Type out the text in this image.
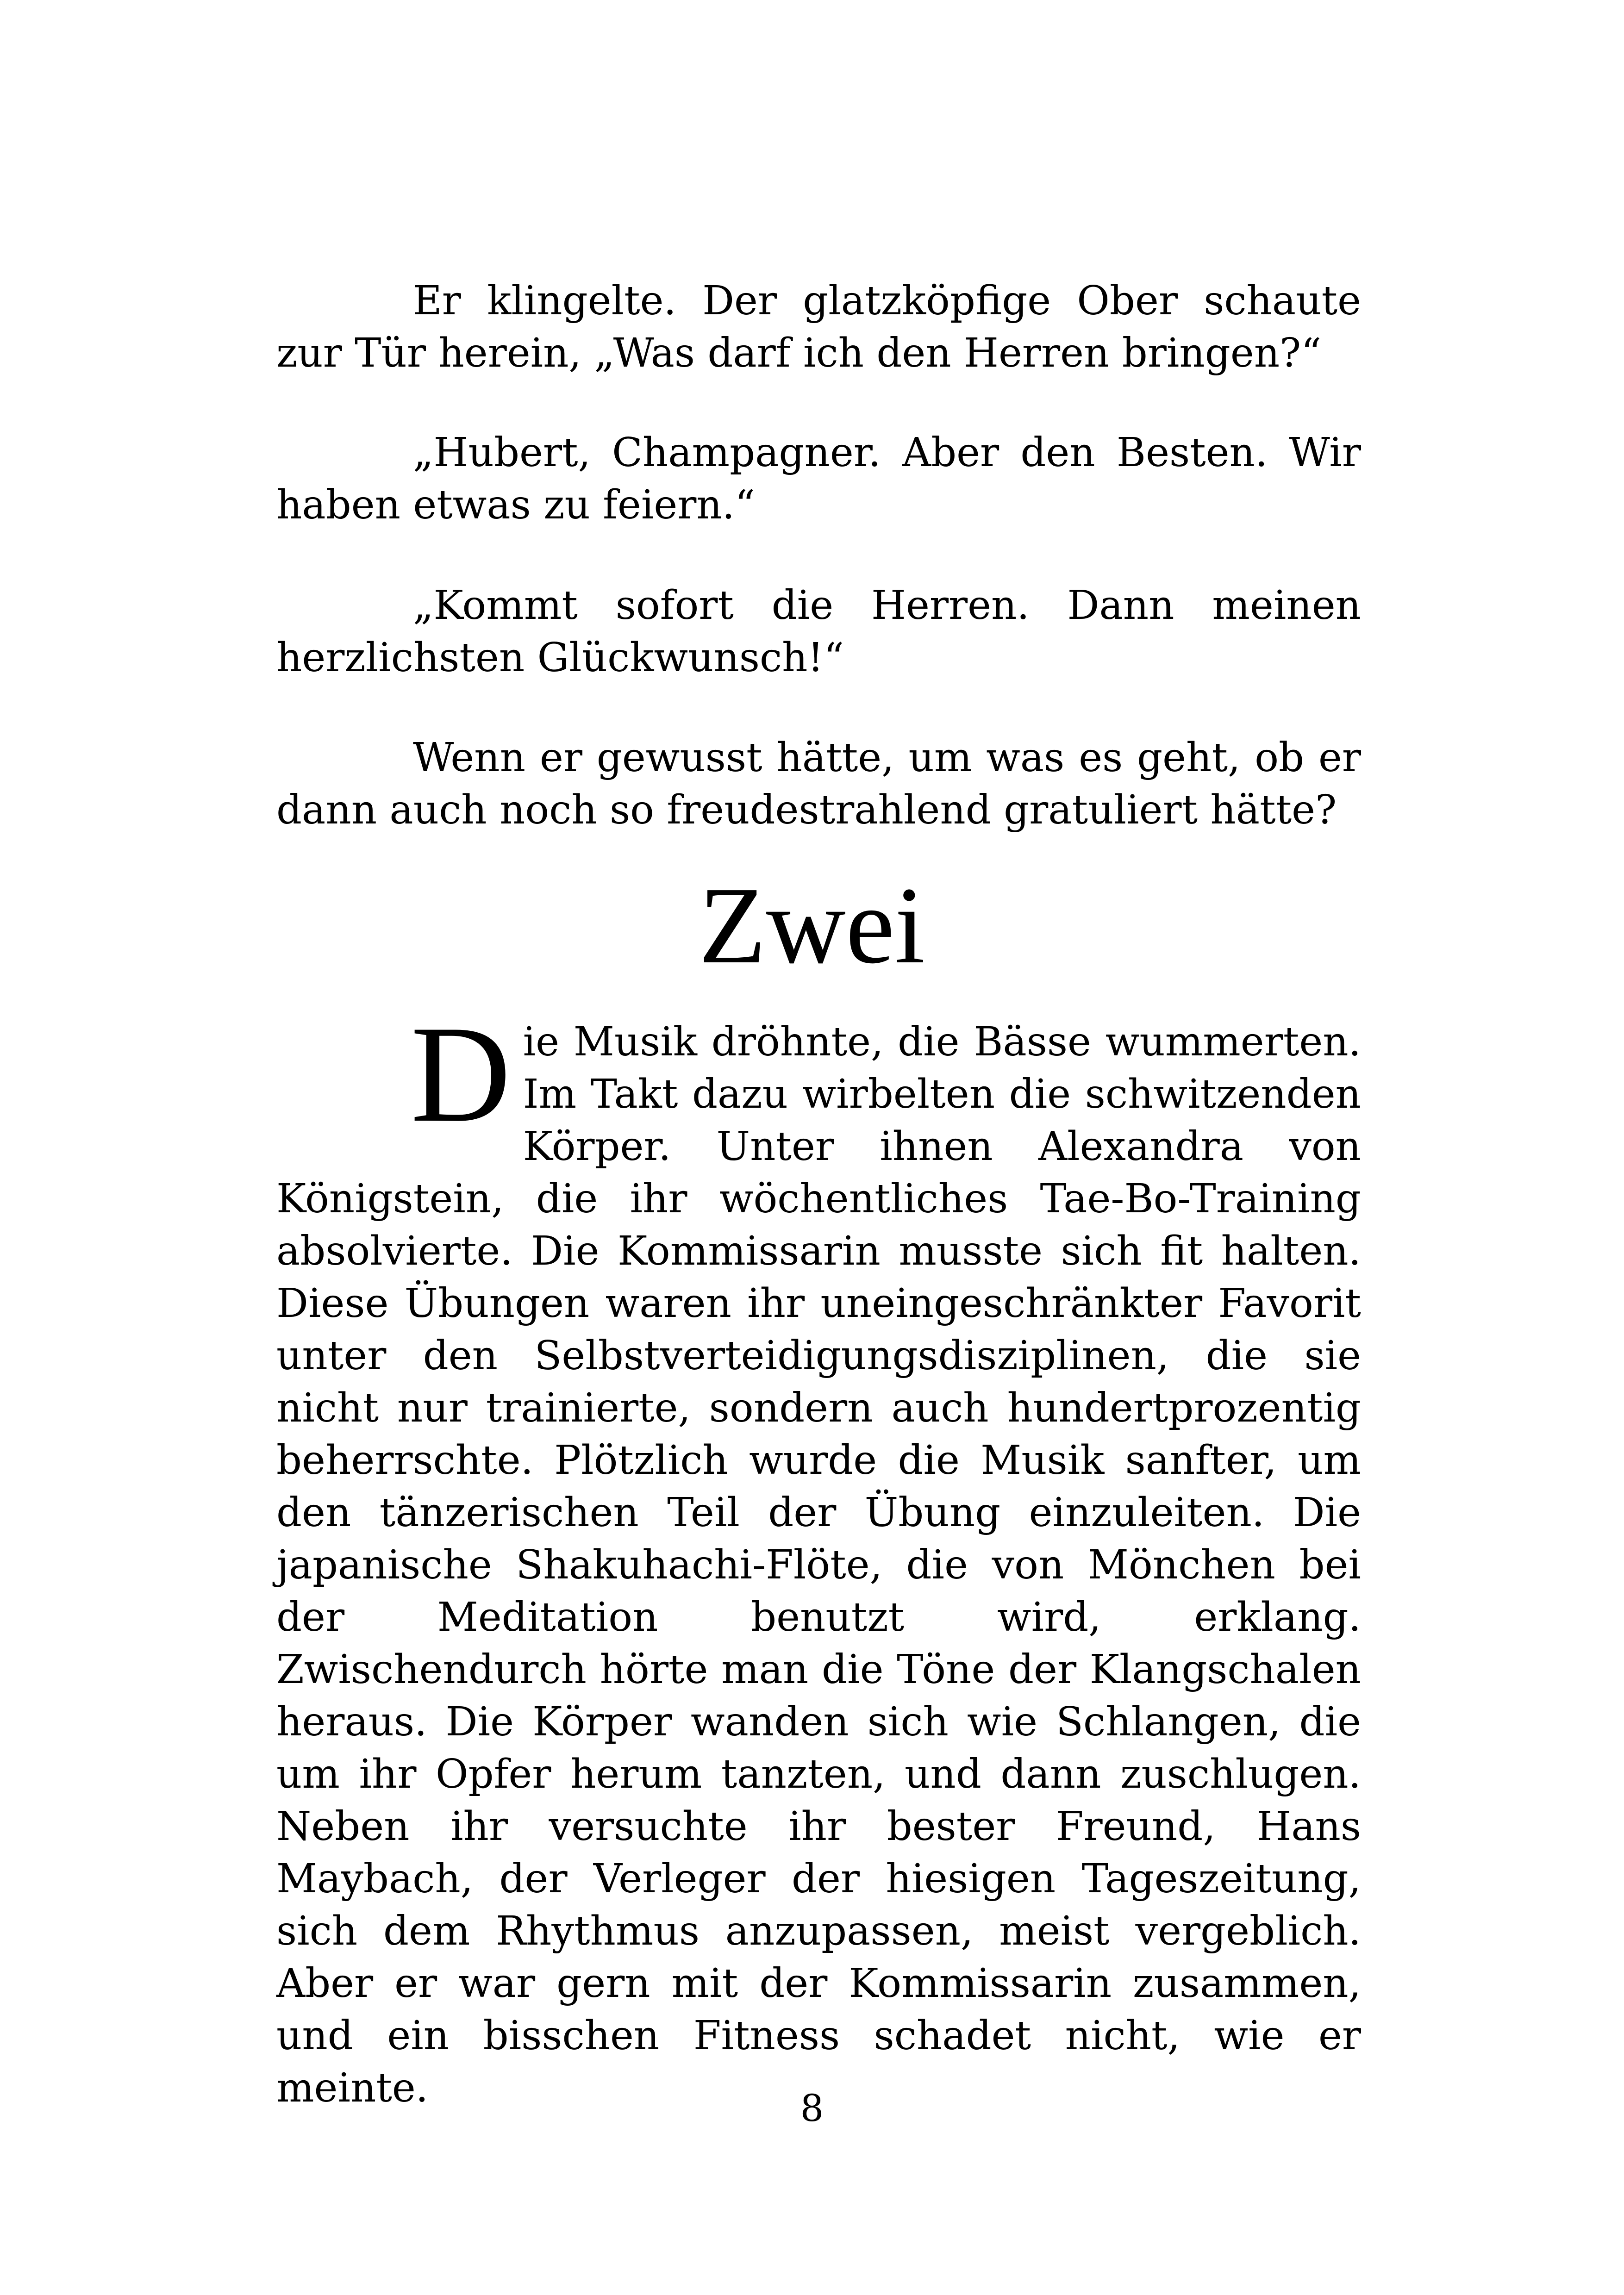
Er klingelte. Der glatzköpfige Ober schaute zur Tür herein, „Was darf ich den Herren bringen?“

„Hubert, Champagner. Aber den Besten. Wir haben etwas zu feiern.“

„Kommt sofort die Herren. Dann meinen herzlichsten Glückwunsch!“

Wenn er gewusst hätte, um was es geht, ob er dann auch noch so freudestrahlend gratuliert hätte?

Zwei

Die Musik dröhnte, die Bässe wummerten. Im Takt dazu wirbelten die schwitzenden Körper. Unter ihnen Alexandra von Königstein, die ihr wöchentliches Tae-Bo-Training absolvierte. Die Kommissarin musste sich fit halten. Diese Übungen waren ihr uneingeschränkter Favorit unter den Selbstverteidigungsdisziplinen, die sie nicht nur trainierte, sondern auch hundertprozentig beherrschte. Plötzlich wurde die Musik sanfter, um den tänzerischen Teil der Übung einzuleiten. Die japanische Shakuhachi-Flöte, die von Mönchen bei der Meditation benutzt wird, erklang. Zwischendurch hörte man die Töne der Klangschalen heraus. Die Körper wanden sich wie Schlangen, die um ihr Opfer herum tanzten, und dann zuschlugen. Neben ihr versuchte ihr bester Freund, Hans Maybach, der Verleger der hiesigen Tageszeitung, sich dem Rhythmus anzupassen, meist vergeblich. Aber er war gern mit der Kommissarin zusammen, und ein bisschen Fitness schadet nicht, wie er meinte.	8
